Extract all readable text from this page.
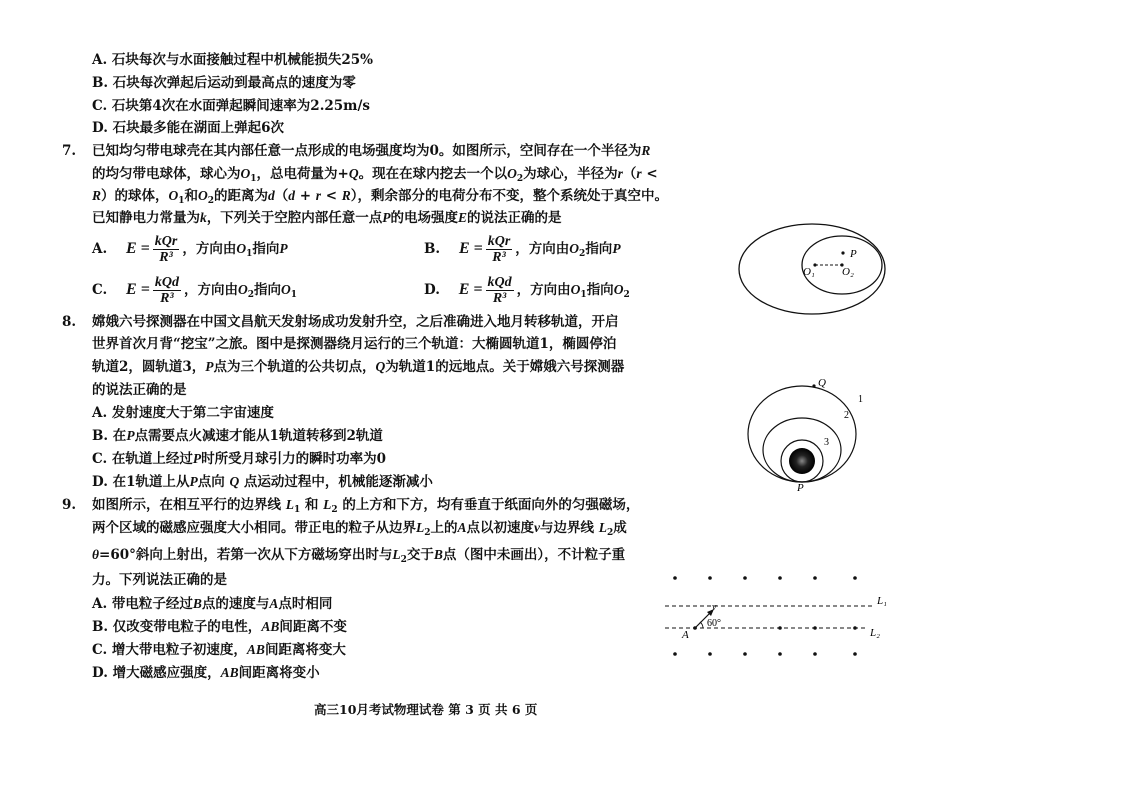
A. 石块每次与水面接触过程中机械能损失25%
B. 石块每次弹起后运动到最高点的速度为零
C. 石块第4次在水面弹起瞬间速率为2.25m/s
D. 石块最多能在湖面上弹起6次
7. 已知均匀带电球壳在其内部任意一点形成的电场强度均为0。如图所示，空间存在一个半径为R
的均匀带电球体，球心为$O_1$，总电荷量为+Q。现在在球内挖去一个以$O_2$为球心，半径为r（r <
R）的球体，$O_1$和$O_2$的距离为d（d + r < R），剩余部分的电荷分布不变，整个系统处于真空中。
已知静电力常量为k，下列关于空腔内部任意一点P的电场强度E的说法正确的是
A. $E = \frac{\text{kQr}}{\text{R³}}$ ，方向由$O_1$指向P	B. $E = \frac{\text{kQr}}{\text{R³}}$ ，方向由$O_2$指向P
C. $E = \frac{\text{kQd}}{\text{R³}}$ ，方向由$O_2$指向$O_1$	D. $E = \frac{\text{kQd}}{\text{R³}}$ ，方向由$O_1$指向$O_2$
P
O₁ O₂
8. 嫦娥六号探测器在中国文昌航天发射场成功发射升空，之后准确进入地月转移轨道，开启
世界首次月背“挖宝”之旅。图中是探测器绕月运行的三个轨道：大椭圆轨道1，椭圆停泊
轨道2，圆轨道3，P点为三个轨道的公共切点，Q为轨道1的远地点。关于嫦娥六号探测器
的说法正确的是
A. 发射速度大于第二宇宙速度
B. 在P点需要点火减速才能从1轨道转移到2轨道
C. 在轨道上经过P时所受月球引力的瞬时功率为0
D. 在1轨道上从P点向 Q 点运动过程中，机械能逐渐减小
Q
1
2
3
P
9. 如图所示，在相互平行的边界线 $L_1$ 和 $L_2$ 的上方和下方，均有垂直于纸面向外的匀强磁场，
两个区域的磁感应强度大小相同。带正电的粒子从边界$L_2$上的A点以初速度v与边界线 $L_2$成
θ=60°斜向上射出，若第一次从下方磁场穿出时与$L_2$交于B点（图中未画出），不计粒子重
力。下列说法正确的是
A. 带电粒子经过B点的速度与A点时相同
B. 仅改变带电粒子的电性，AB间距离不变
C. 增大带电粒子初速度，AB间距离将变大
D. 增大磁感应强度，AB间距离将变小
L₁
L₂
A
v
60°
高三10月考试物理试卷 第 3 页 共 6 页
